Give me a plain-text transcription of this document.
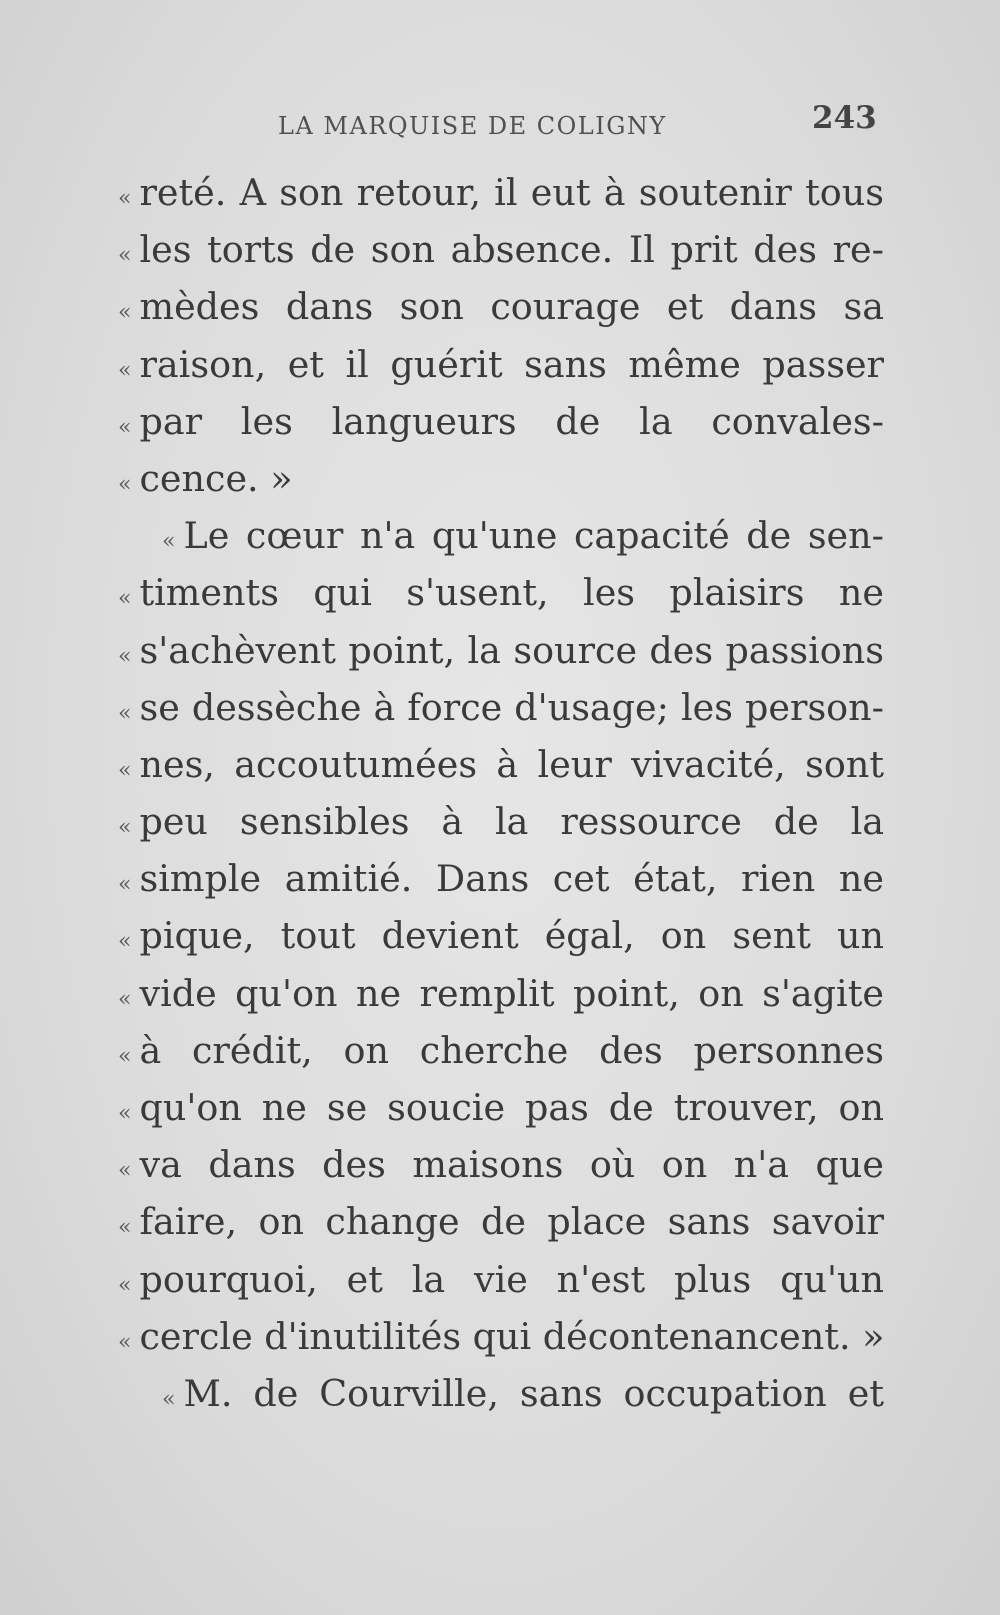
LA MARQUISE DE COLIGNY	243
« reté. A son retour, il eut à soutenir tous
« les torts de son absence. Il prit des re-
« mèdes dans son courage et dans sa
« raison, et il guérit sans même passer
« par les langueurs de la convales-
« cence. »
« Le cœur n'a qu'une capacité de sen-
« timents qui s'usent, les plaisirs ne
« s'achèvent point, la source des passions
« se dessèche à force d'usage; les person-
« nes, accoutumées à leur vivacité, sont
« peu sensibles à la ressource de la
« simple amitié. Dans cet état, rien ne
« pique, tout devient égal, on sent un
« vide qu'on ne remplit point, on s'agite
« à crédit, on cherche des personnes
« qu'on ne se soucie pas de trouver, on
« va dans des maisons où on n'a que
« faire, on change de place sans savoir
« pourquoi, et la vie n'est plus qu'un
« cercle d'inutilités qui décontenancent. »
« M. de Courville, sans occupation et
